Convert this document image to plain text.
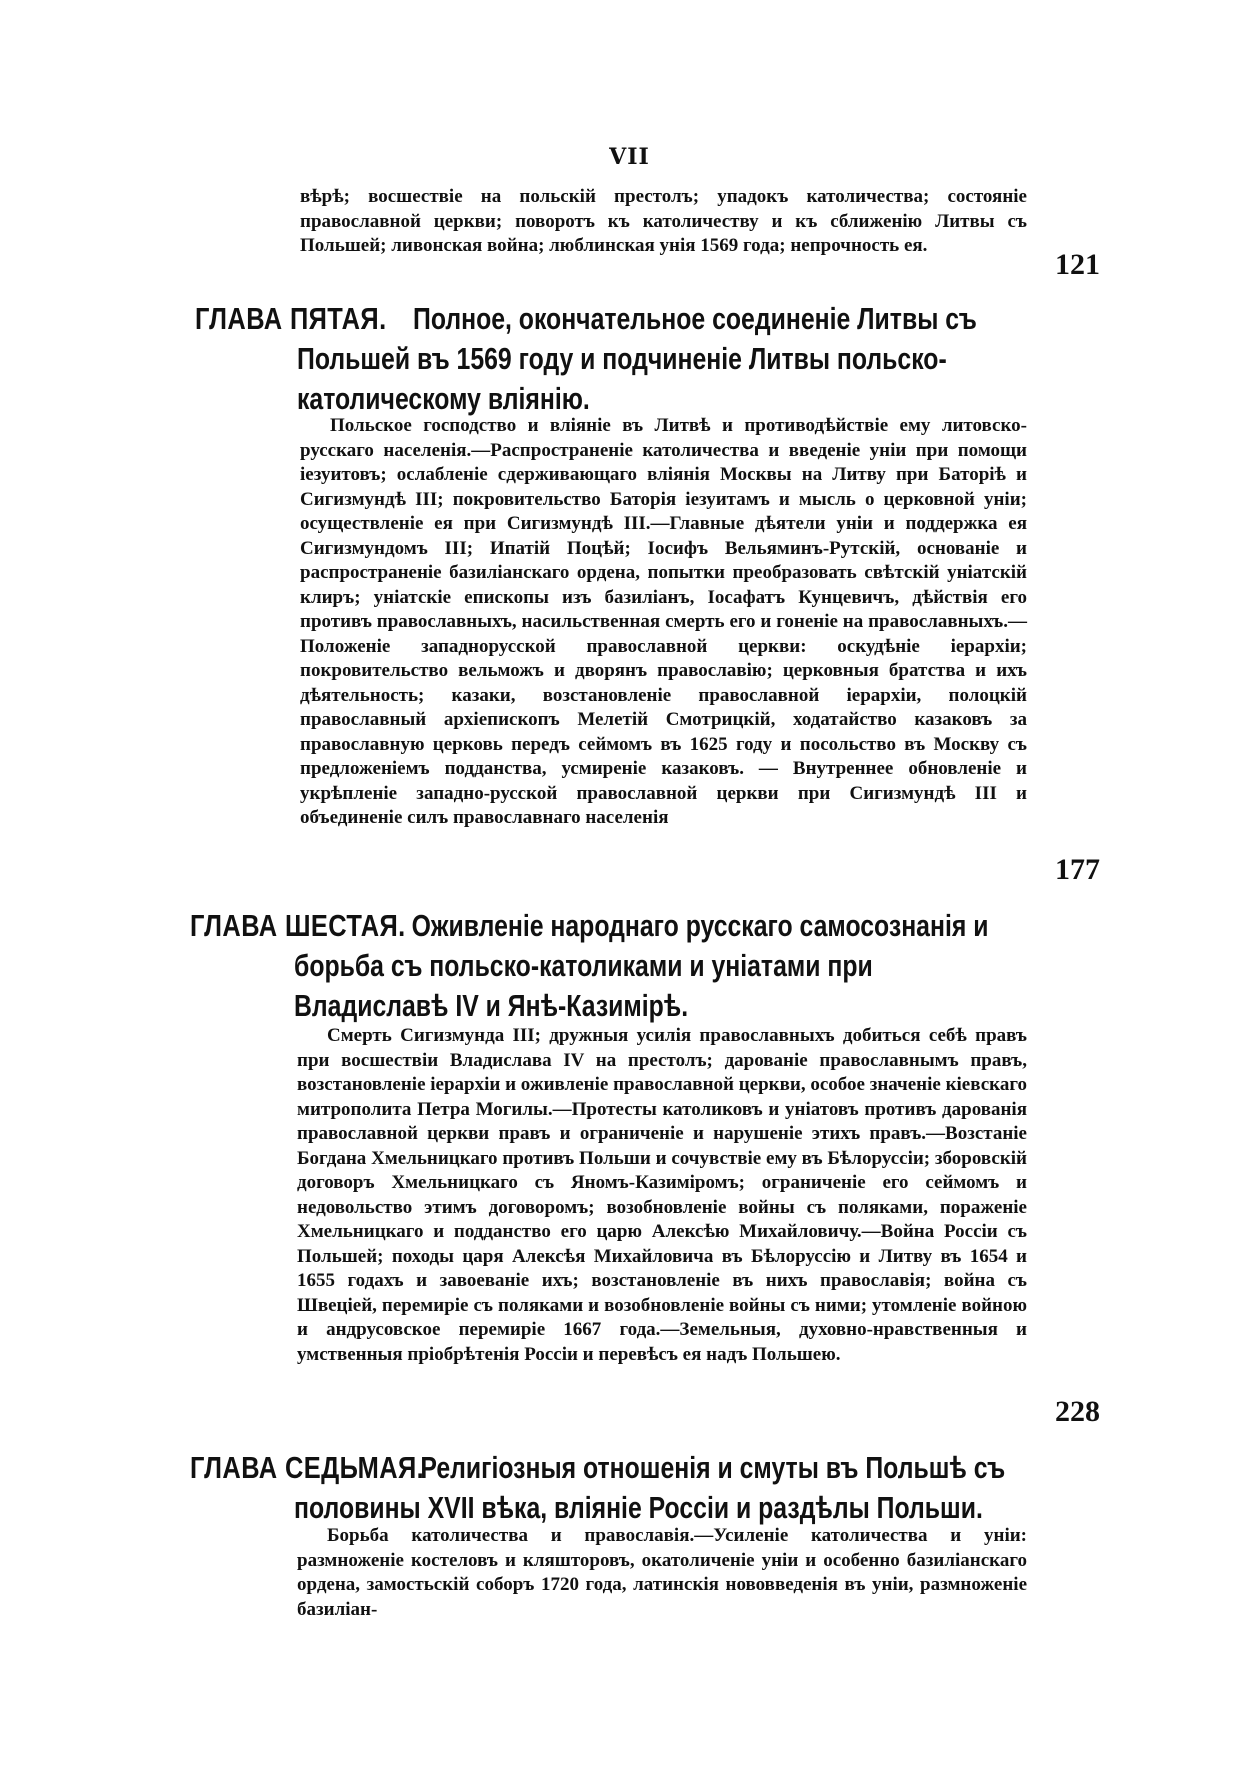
VII
вѣрѣ; восшествіе на польскій престолъ; упадокъ католичества; состояніе православной церкви; поворотъ къ католичеству и къ сближенію Литвы съ Польшей; ливонская война; люблинская унія 1569 года; непрочность ея.
121
ГЛАВА ПЯТАЯ. Полное, окончательное соединеніе Литвы съ Польшей въ 1569 году и подчиненіе Литвы польско-католическому вліянію.
Польское господство и вліяніе въ Литвѣ и противодѣйствіе ему литовско-русскаго населенія.—Распространеніе католичества и введеніе уніи при помощи іезуитовъ; ослабленіе сдерживающаго вліянія Москвы на Литву при Баторіѣ и Сигизмундѣ III; покровительство Баторія іезуитамъ и мысль о церковной уніи; осуществленіе ея при Сигизмундѣ III.—Главные дѣятели уніи и поддержка ея Сигизмундомъ III; Ипатій Поцѣй; Іосифъ Вельяминъ-Рутскій, основаніе и распространеніе базиліанскаго ордена, попытки преобразовать свѣтскій уніатскій клиръ; уніатскіе епископы изъ базиліанъ, Іосафатъ Кунцевичъ, дѣйствія его противъ православныхъ, насильственная смерть его и гоненіе на православныхъ.—Положеніе западнорусской православной церкви: оскудѣніе іерархіи; покровительство вельможъ и дворянъ православію; церковныя братства и ихъ дѣятельность; казаки, возстановленіе православной іерархіи, полоцкій православный архіепископъ Мелетій Смотрицкій, ходатайство казаковъ за православную церковь передъ сеймомъ въ 1625 году и посольство въ Москву съ предложеніемъ подданства, усмиреніе казаковъ. — Внутреннее обновленіе и укрѣпленіе западно-русской православной церкви при Сигизмундѣ III и объединеніе силъ православнаго населенія
177
ГЛАВА ШЕСТАЯ. Оживленіе народнаго русскаго самосознанія и борьба съ польско-католиками и уніатами при Владиславѣ IV и Янѣ-Казимірѣ.
Смерть Сигизмунда III; дружныя усилія православныхъ добиться себѣ правъ при восшествіи Владислава IV на престолъ; дарованіе православнымъ правъ, возстановленіе іерархіи и оживленіе православной церкви, особое значеніе кіевскаго митрополита Петра Могилы.—Протесты католиковъ и уніатовъ противъ дарованія православной церкви правъ и ограниченіе и нарушеніе этихъ правъ.—Возстаніе Богдана Хмельницкаго противъ Польши и сочувствіе ему въ Бѣлоруссіи; зборовскій договоръ Хмельницкаго съ Яномъ-Казиміромъ; ограниченіе его сеймомъ и недовольство этимъ договоромъ; возобновленіе войны съ поляками, пораженіе Хмельницкаго и подданство его царю Алексѣю Михайловичу.—Война Россіи съ Польшей; походы царя Алексѣя Михайловича въ Бѣлоруссію и Литву въ 1654 и 1655 годахъ и завоеваніе ихъ; возстановленіе въ нихъ православія; война съ Швеціей, перемиріе съ поляками и возобновленіе войны съ ними; утомленіе войною и андрусовское перемиріе 1667 года.—Земельныя, духовно-нравственныя и умственныя пріобрѣтенія Россіи и перевѣсъ ея надъ Польшею.
228
ГЛАВА СЕДЬМАЯ.
Религіозныя отношенія и смуты въ Польшѣ съ половины XVII вѣка, вліяніе Россіи и раздѣлы Польши.
Борьба католичества и православія.—Усиленіе католичества и уніи: размноженіе костеловъ и кляшторовъ, окатоличеніе уніи и особенно базиліанскаго ордена, замостьскій соборъ 1720 года, латинскія нововведенія въ уніи, размноженіе базиліан-
